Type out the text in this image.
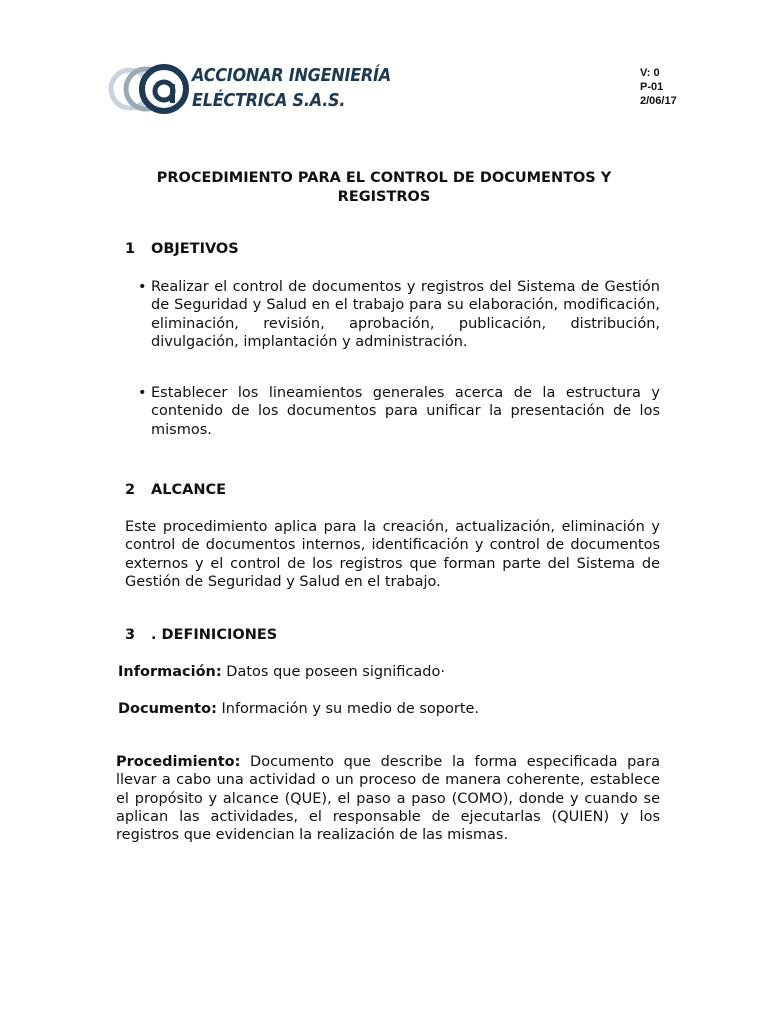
ACCIONAR INGENIERÍA
ELÉCTRICA S.A.S.
V: 0
P-01
2/06/17
PROCEDIMIENTO PARA EL CONTROL DE DOCUMENTOS Y REGISTROS
1 OBJETIVOS
• Realizar el control de documentos y registros del Sistema de Gestión de Seguridad y Salud en el trabajo para su elaboración, modificación, eliminación, revisión, aprobación, publicación, distribución, divulgación, implantación y administración.
• Establecer los lineamientos generales acerca de la estructura y contenido de los documentos para unificar la presentación de los mismos.
2 ALCANCE
Este procedimiento aplica para la creación, actualización, eliminación y control de documentos internos, identificación y control de documentos externos y el control de los registros que forman parte del Sistema de Gestión de Seguridad y Salud en el trabajo.
3 . DEFINICIONES
Información: Datos que poseen significado·
Documento: Información y su medio de soporte.
Procedimiento: Documento que describe la forma especificada para llevar a cabo una actividad o un proceso de manera coherente, establece el propósito y alcance (QUE), el paso a paso (COMO), donde y cuando se aplican las actividades, el responsable de ejecutarlas (QUIEN) y los registros que evidencian la realización de las mismas.
